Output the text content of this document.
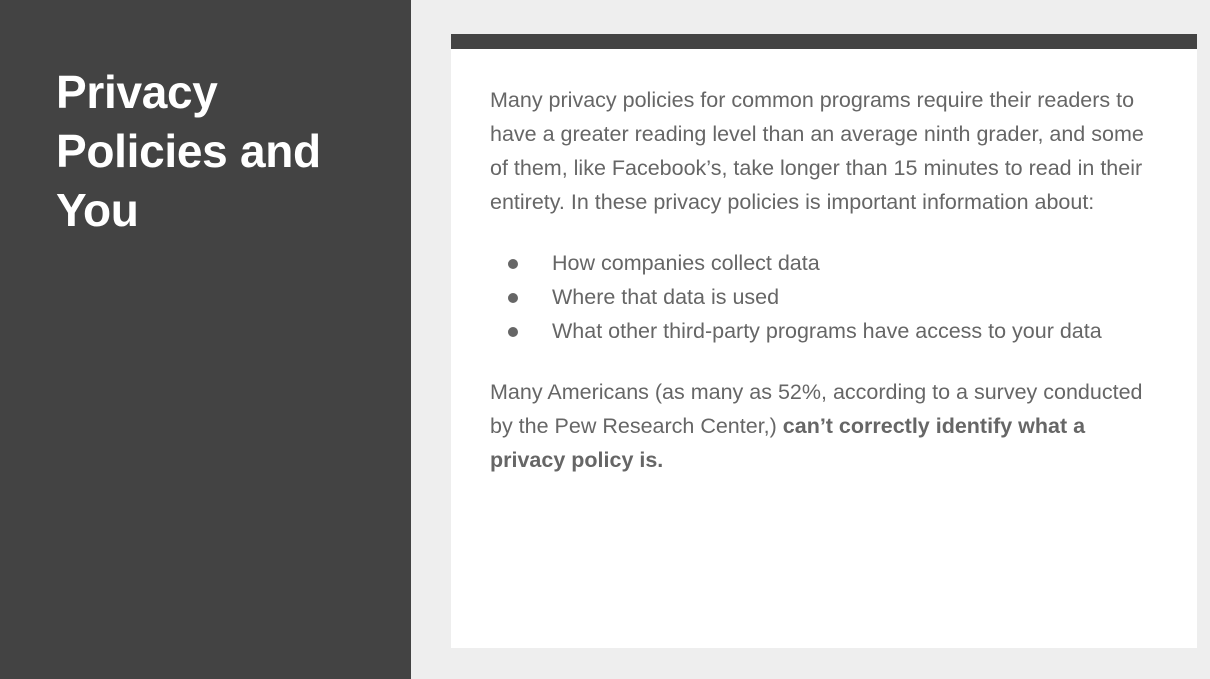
Privacy Policies and You

Many privacy policies for common programs require their readers to have a greater reading level than an average ninth grader, and some of them, like Facebook’s, take longer than 15 minutes to read in their entirety. In these privacy policies is important information about:

How companies collect data
Where that data is used
What other third-party programs have access to your data

Many Americans (as many as 52%, according to a survey conducted by the Pew Research Center,) can’t correctly identify what a privacy policy is.
